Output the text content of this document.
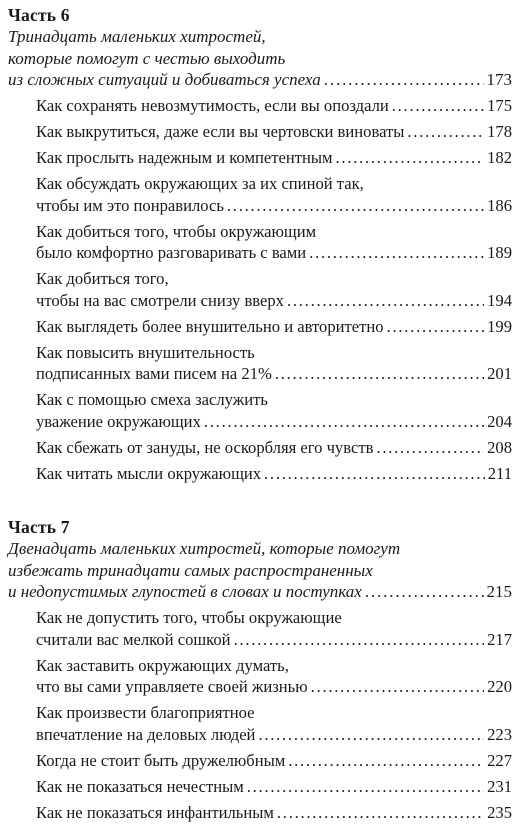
Часть 6
Тринадцать маленьких хитростей,
которые помогут с честью выходить
из сложных ситуаций и добиваться успеха . . .	173
Как сохранять невозмутимость, если вы опоздали . . .	175
Как выкрутиться, даже если вы чертовски виноваты . . .	178
Как прослыть надежным и компетентным . . .	182
Как обсуждать окружающих за их спиной так,
чтобы им это понравилось . . .	186
Как добиться того, чтобы окружающим
было комфортно разговаривать с вами . . .	189
Как добиться того,
чтобы на вас смотрели снизу вверх . . .	194
Как выглядеть более внушительно и авторитетно . . .	199
Как повысить внушительность
подписанных вами писем на 21% . . .	201
Как с помощью смеха заслужить
уважение окружающих . . .	204
Как сбежать от зануды, не оскорбляя его чувств . . .	208
Как читать мысли окружающих . . .	211
Часть 7
Двенадцать маленьких хитростей, которые помогут
избежать тринадцати самых распространенных
и недопустимых глупостей в словах и поступках . . .	215
Как не допустить того, чтобы окружающие
считали вас мелкой сошкой . . .	217
Как заставить окружающих думать,
что вы сами управляете своей жизнью . . .	220
Как произвести благоприятное
впечатление на деловых людей . . .	223
Когда не стоит быть дружелюбным . . .	227
Как не показаться нечестным . . .	231
Как не показаться инфантильным . . .	235
